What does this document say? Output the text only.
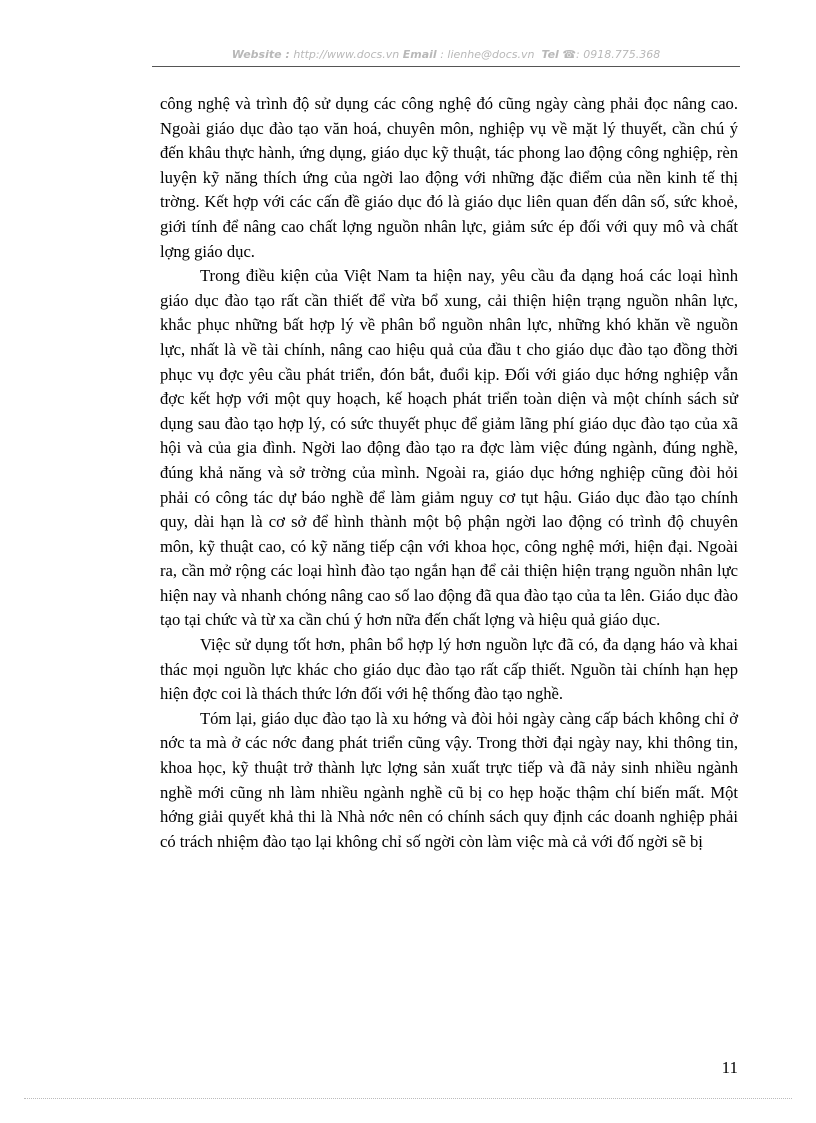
Website : http://www.docs.vn Email : lienhe@docs.vn Tel ☎: 0918.775.368

công nghệ và trình độ sử dụng các công nghệ đó cũng ngày càng phải đọc nâng cao. Ngoài giáo dục đào tạo văn hoá, chuyên môn, nghiệp vụ về mặt lý thuyết, cần chú ý đến khâu thực hành, ứng dụng, giáo dục kỹ thuật, tác phong lao động công nghiệp, rèn luyện kỹ năng thích ứng của ngời lao động với những đặc điểm của nền kinh tế thị trờng. Kết hợp với các cấn đề giáo dục đó là giáo dục liên quan đến dân số, sức khoẻ, giới tính để nâng cao chất lợng nguồn nhân lực, giảm sức ép đối với quy mô và chất lợng giáo dục.

Trong điều kiện của Việt Nam ta hiện nay, yêu cầu đa dạng hoá các loại hình giáo dục đào tạo rất cần thiết để vừa bổ xung, cải thiện hiện trạng nguồn nhân lực, khắc phục những bất hợp lý về phân bổ nguồn nhân lực, những khó khăn về nguồn lực, nhất là về tài chính, nâng cao hiệu quả của đầu t cho giáo dục đào tạo đồng thời phục vụ đợc yêu cầu phát triển, đón bắt, đuổi kịp. Đối với giáo dục hớng nghiệp vẫn đợc kết hợp với một quy hoạch, kế hoạch phát triển toàn diện và một chính sách sử dụng sau đào tạo hợp lý, có sức thuyết phục để giảm lãng phí giáo dục đào tạo của xã hội và của gia đình. Ngời lao động đào tạo ra đợc làm việc đúng ngành, đúng nghề, đúng khả năng và sở trờng của mình. Ngoài ra, giáo dục hớng nghiệp cũng đòi hỏi phải có công tác dự báo nghề để làm giảm nguy cơ tụt hậu. Giáo dục đào tạo chính quy, dài hạn là cơ sở để hình thành một bộ phận ngời lao động có trình độ chuyên môn, kỹ thuật cao, có kỹ năng tiếp cận với khoa học, công nghệ mới, hiện đại. Ngoài ra, cần mở rộng các loại hình đào tạo ngắn hạn để cải thiện hiện trạng nguồn nhân lực hiện nay và nhanh chóng nâng cao số lao động đã qua đào tạo của ta lên. Giáo dục đào tạo tại chức và từ xa cần chú ý hơn nữa đến chất lợng và hiệu quả giáo dục.

Việc sử dụng tốt hơn, phân bổ hợp lý hơn nguồn lực đã có, đa dạng háo và khai thác mọi nguồn lực khác cho giáo dục đào tạo rất cấp thiết. Nguồn tài chính hạn hẹp hiện đợc coi là thách thức lớn đối với hệ thống đào tạo nghề.

Tóm lại, giáo dục đào tạo là xu hớng và đòi hỏi ngày càng cấp bách không chỉ ở nớc ta mà ở các nớc đang phát triển cũng vậy. Trong thời đại ngày nay, khi thông tin, khoa học, kỹ thuật trở thành lực lợng sản xuất trực tiếp và đã nảy sinh nhiều ngành nghề mới cũng nh làm nhiều ngành nghề cũ bị co hẹp hoặc thậm chí biến mất. Một hớng giải quyết khả thi là Nhà nớc nên có chính sách quy định các doanh nghiệp phải có trách nhiệm đào tạo lại không chỉ số ngời còn làm việc mà cả với đố ngời sẽ bị

11
